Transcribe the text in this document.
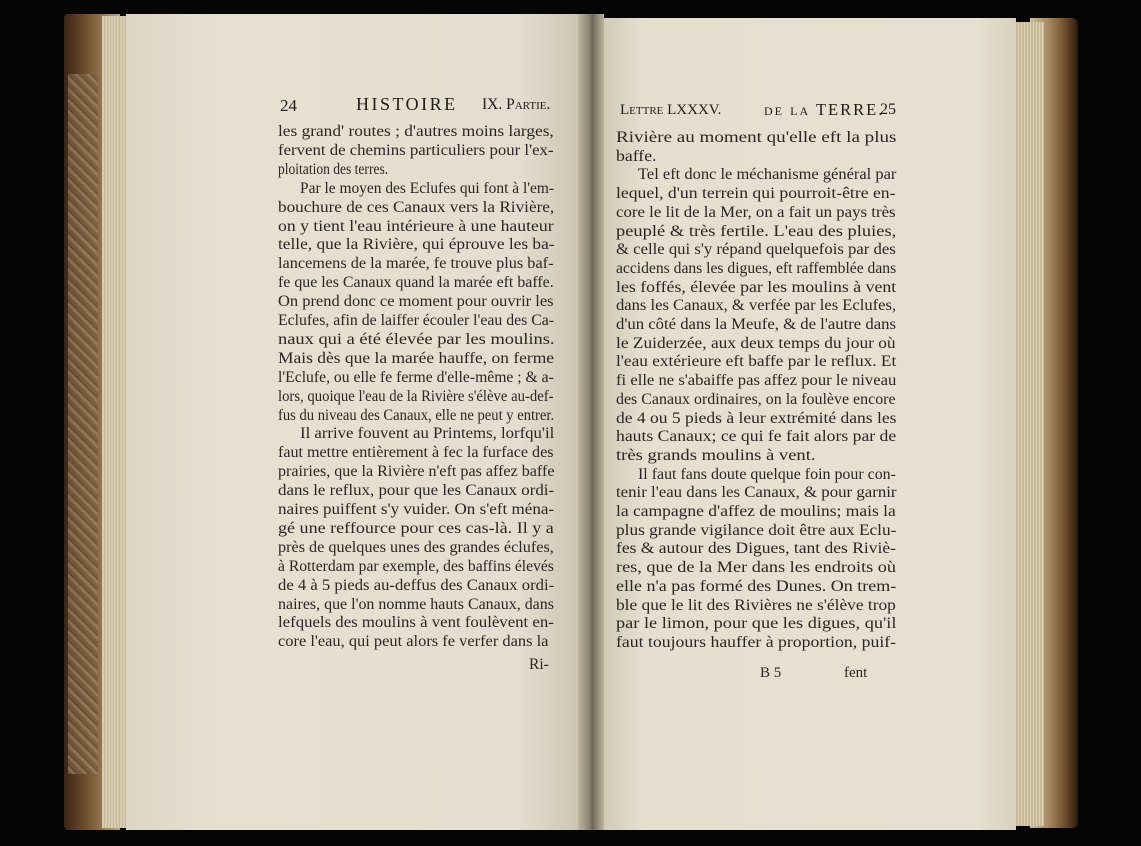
24	HISTOIRE IX. Partie.
les grand' routes ; d'autres moins larges,
fervent de chemins particuliers pour l'ex-
ploitation des terres.
Par le moyen des Eclufes qui font à l'em-
bouchure de ces Canaux vers la Rivière,
on y tient l'eau intérieure à une hauteur
telle, que la Rivière, qui éprouve les ba-
lancemens de la marée, fe trouve plus baf-
fe que les Canaux quand la marée eft baffe.
On prend donc ce moment pour ouvrir les
Eclufes, afin de laiffer écouler l'eau des Ca-
naux qui a été élevée par les moulins.
Mais dès que la marée hauffe, on ferme
l'Eclufe, ou elle fe ferme d'elle-même ; & a-
lors, quoique l'eau de la Rivière s'élève au-def-
fus du niveau des Canaux, elle ne peut y entrer.
Il arrive fouvent au Printems, lorfqu'il
faut mettre entièrement à fec la furface des
prairies, que la Rivière n'eft pas affez baffe
dans le reflux, pour que les Canaux ordi-
naires puiffent s'y vuider. On s'eft ména-
gé une reffource pour ces cas-là. Il y a
près de quelques unes des grandes éclufes,
à Rotterdam par exemple, des baffins élevés
de 4 à 5 pieds au-deffus des Canaux ordi-
naires, que l'on nomme hauts Canaux, dans
lefquels des moulins à vent foulèvent en-
core l'eau, qui peut alors fe verfer dans la
Ri-
Lettre LXXXV.	de la TERRE.
25
Rivière au moment qu'elle eft la plus
baffe.
Tel eft donc le méchanisme général par
lequel, d'un terrein qui pourroit-être en-
core le lit de la Mer, on a fait un pays très
peuplé & très fertile. L'eau des pluies,
& celle qui s'y répand quelquefois par des
accidens dans les digues, eft raffemblée dans
les foffés, élevée par les moulins à vent
dans les Canaux, & verfée par les Eclufes,
d'un côté dans la Meufe, & de l'autre dans
le Zuiderzée, aux deux temps du jour où
l'eau extérieure eft baffe par le reflux. Et
fi elle ne s'abaiffe pas affez pour le niveau
des Canaux ordinaires, on la foulève encore
de 4 ou 5 pieds à leur extrémité dans les
hauts Canaux; ce qui fe fait alors par de
très grands moulins à vent.
Il faut fans doute quelque foin pour con-
tenir l'eau dans les Canaux, & pour garnir
la campagne d'affez de moulins; mais la
plus grande vigilance doit être aux Eclu-
fes & autour des Digues, tant des Riviè-
res, que de la Mer dans les endroits où
elle n'a pas formé des Dunes. On trem-
ble que le lit des Rivières ne s'élève trop
par le limon, pour que les digues, qu'il
faut toujours hauffer à proportion, puif-
B 5	fent
